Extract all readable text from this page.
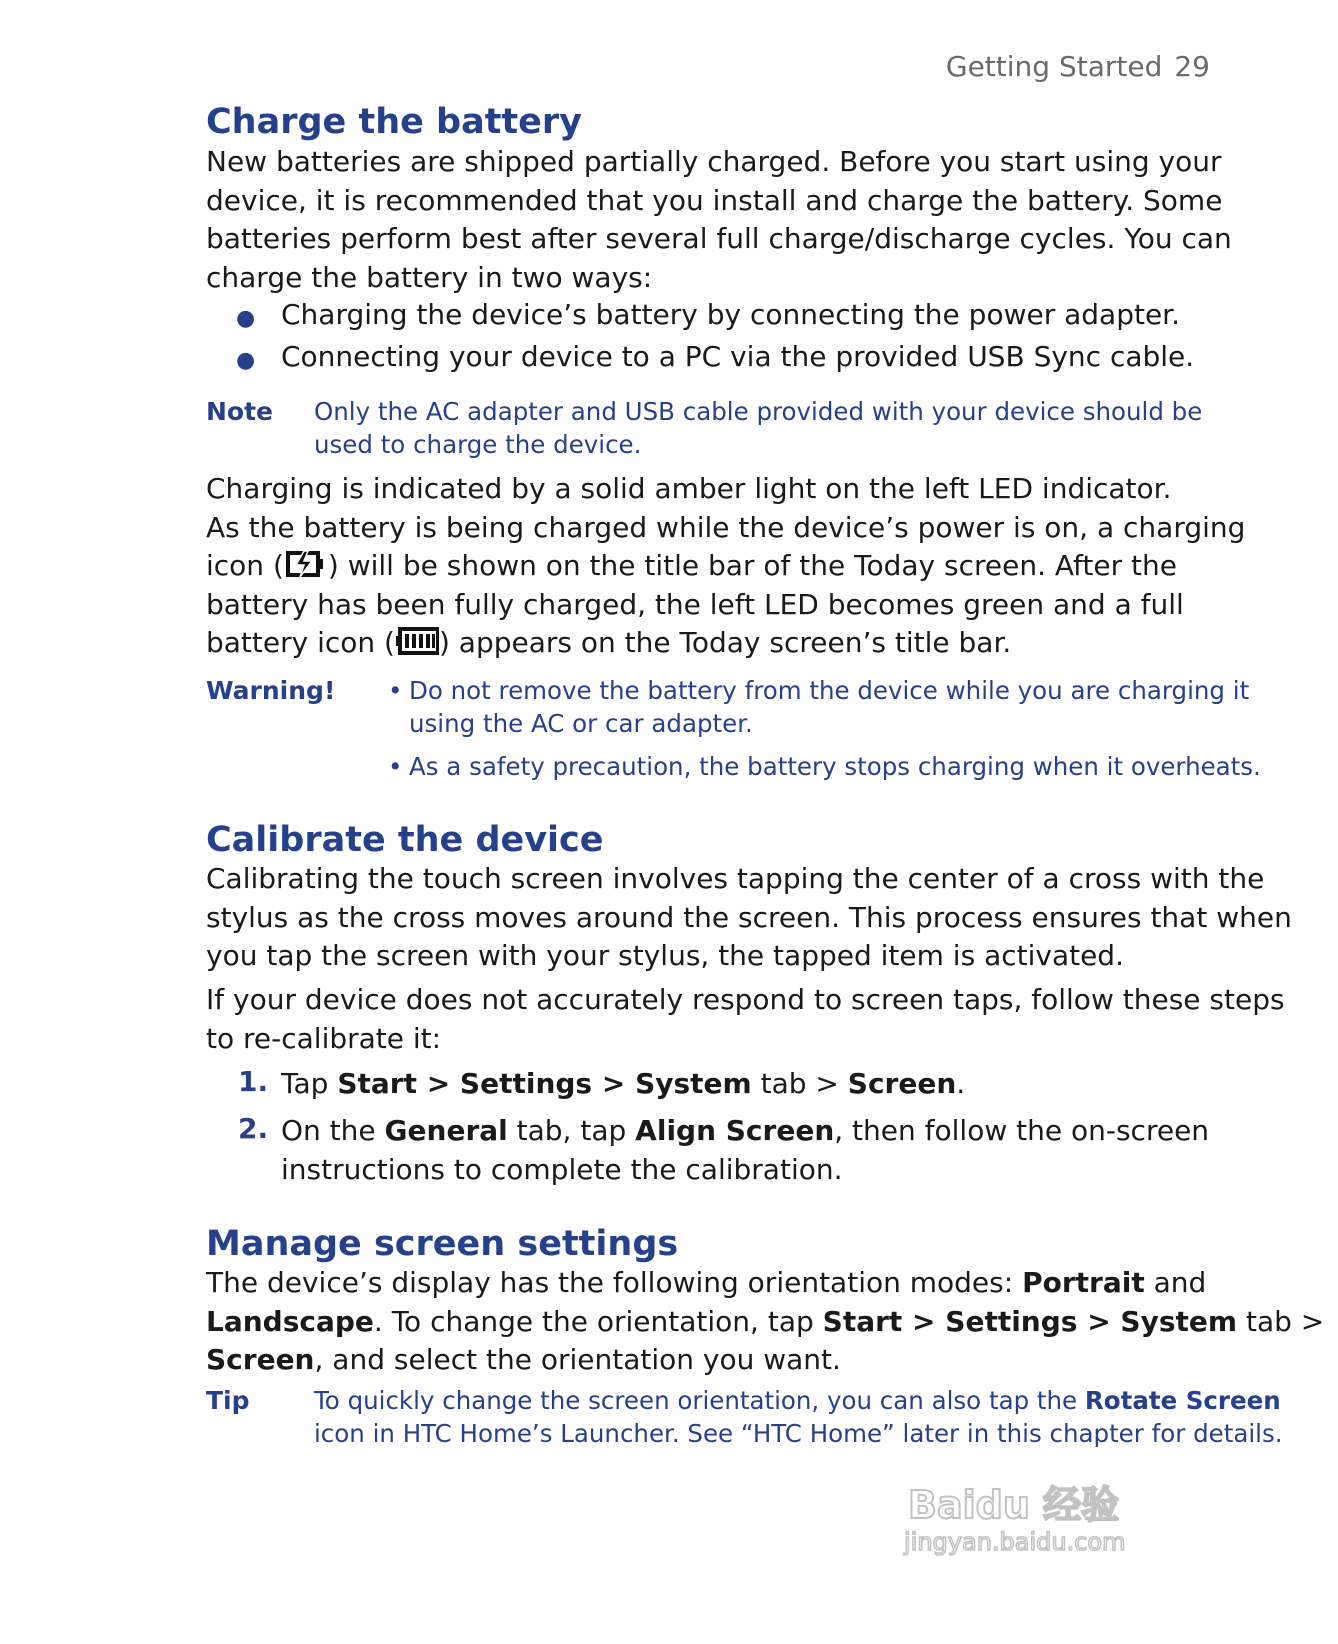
Getting Started 29
Charge the battery
New batteries are shipped partially charged. Before you start using your
device, it is recommended that you install and charge the battery. Some
batteries perform best after several full charge/discharge cycles. You can
charge the battery in two ways:
● Charging the device’s battery by connecting the power adapter.
● Connecting your device to a PC via the provided USB Sync cable.
Note Only the AC adapter and USB cable provided with your device should be
used to charge the device.
Charging is indicated by a solid amber light on the left LED indicator.
As the battery is being charged while the device’s power is on, a charging
icon ( ) will be shown on the title bar of the Today screen. After the
battery has been fully charged, the left LED becomes green and a full
battery icon ( ) appears on the Today screen’s title bar.
Warning! • Do not remove the battery from the device while you are charging it
using the AC or car adapter.
• As a safety precaution, the battery stops charging when it overheats.
Calibrate the device
Calibrating the touch screen involves tapping the center of a cross with the
stylus as the cross moves around the screen. This process ensures that when
you tap the screen with your stylus, the tapped item is activated.
If your device does not accurately respond to screen taps, follow these steps
to re-calibrate it:
1. Tap Start > Settings > System tab > Screen.
2. On the General tab, tap Align Screen, then follow the on-screen
instructions to complete the calibration.
Manage screen settings
The device’s display has the following orientation modes: Portrait and
Landscape. To change the orientation, tap Start > Settings > System tab >
Screen, and select the orientation you want.
Tip	To quickly change the screen orientation, you can also tap the Rotate Screen
icon in HTC Home’s Launcher. See “HTC Home” later in this chapter for details.
Baidu 经验
jingyan.baidu.com
